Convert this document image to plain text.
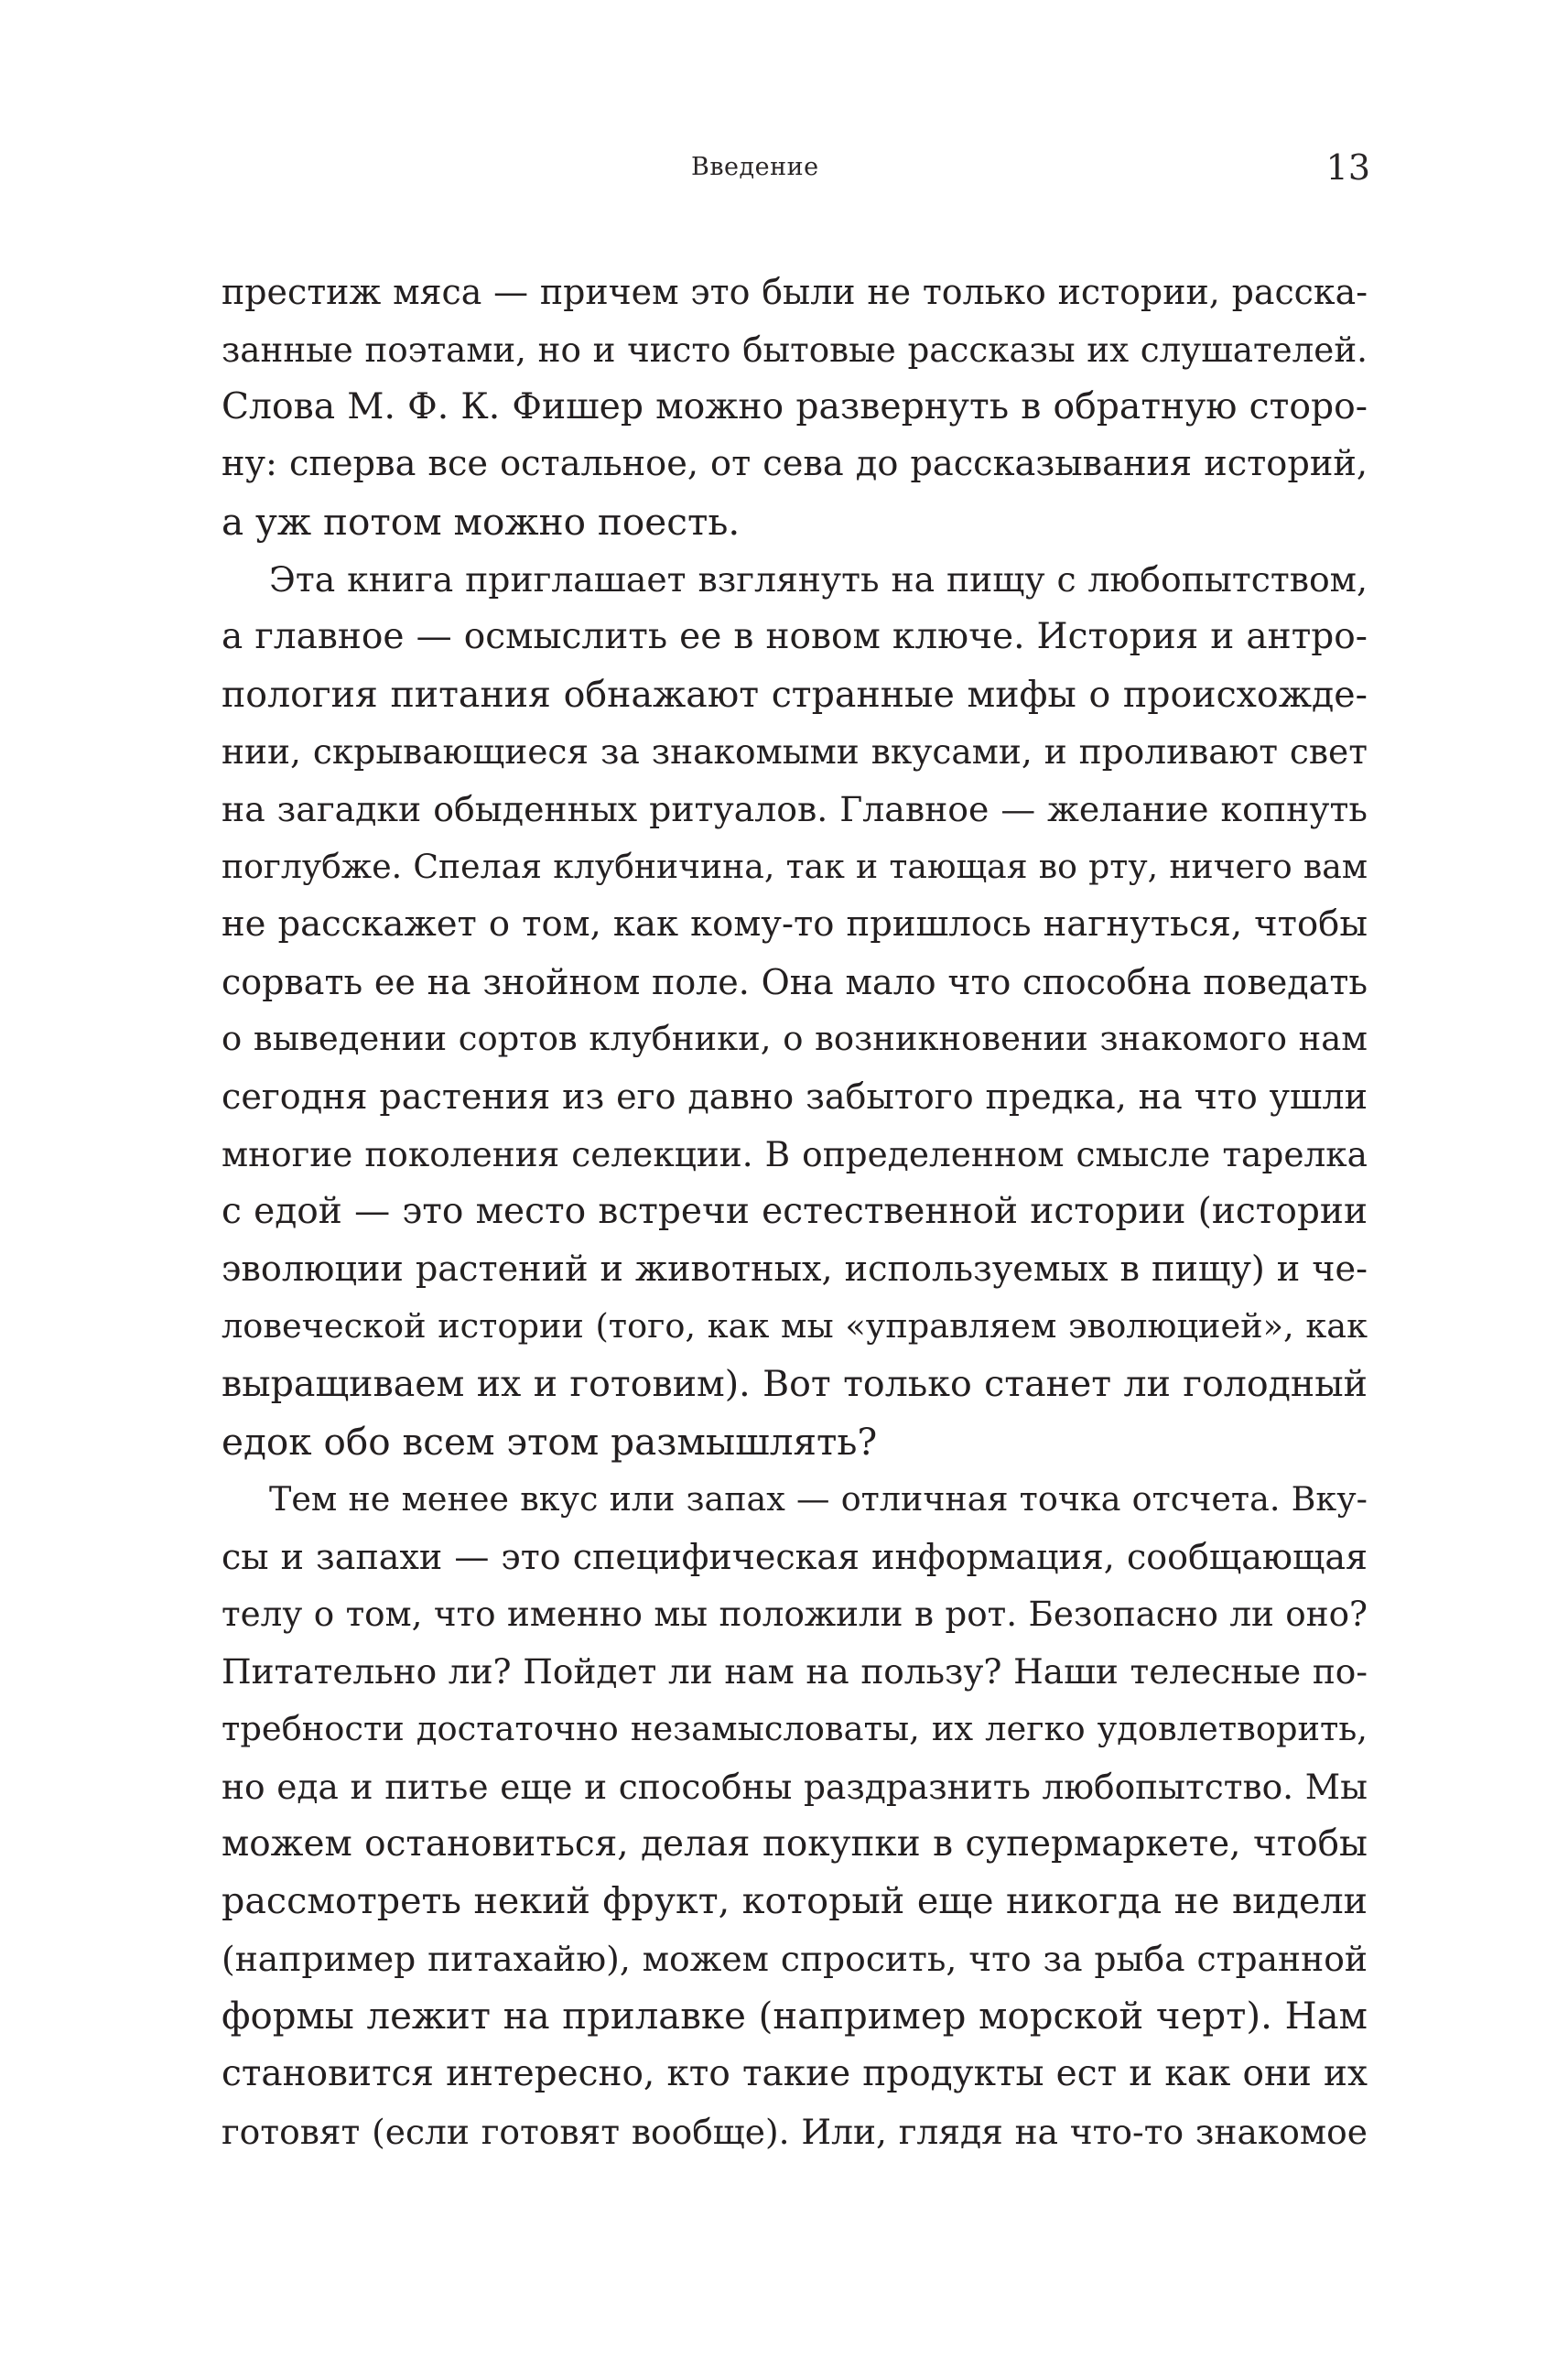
Введение	13
престиж мяса — причем это были не только истории, расска-
занные поэтами, но и чисто бытовые рассказы их слушателей.
Слова М. Ф. К. Фишер можно развернуть в обратную сторо-
ну: сперва все остальное, от сева до рассказывания историй,
а уж потом можно поесть.
Эта книга приглашает взглянуть на пищу с любопытством,
а главное — осмыслить ее в новом ключе. История и антро-
пология питания обнажают странные мифы о происхожде-
нии, скрывающиеся за знакомыми вкусами, и проливают свет
на загадки обыденных ритуалов. Главное — желание копнуть
поглубже. Спелая клубничина, так и тающая во рту, ничего вам
не расскажет о том, как кому-то пришлось нагнуться, чтобы
сорвать ее на знойном поле. Она мало что способна поведать
о выведении сортов клубники, о возникновении знакомого нам
сегодня растения из его давно забытого предка, на что ушли
многие поколения селекции. В определенном смысле тарелка
с едой — это место встречи естественной истории (истории
эволюции растений и животных, используемых в пищу) и че-
ловеческой истории (того, как мы «управляем эволюцией», как
выращиваем их и готовим). Вот только станет ли голодный
едок обо всем этом размышлять?
Тем не менее вкус или запах — отличная точка отсчета. Вку-
сы и запахи — это специфическая информация, сообщающая
телу о том, что именно мы положили в рот. Безопасно ли оно?
Питательно ли? Пойдет ли нам на пользу? Наши телесные по-
требности достаточно незамысловаты, их легко удовлетворить,
но еда и питье еще и способны раздразнить любопытство. Мы
можем остановиться, делая покупки в супермаркете, чтобы
рассмотреть некий фрукт, который еще никогда не видели
(например питахайю), можем спросить, что за рыба странной
формы лежит на прилавке (например морской черт). Нам
становится интересно, кто такие продукты ест и как они их
готовят (если готовят вообще). Или, глядя на что-то знакомое
